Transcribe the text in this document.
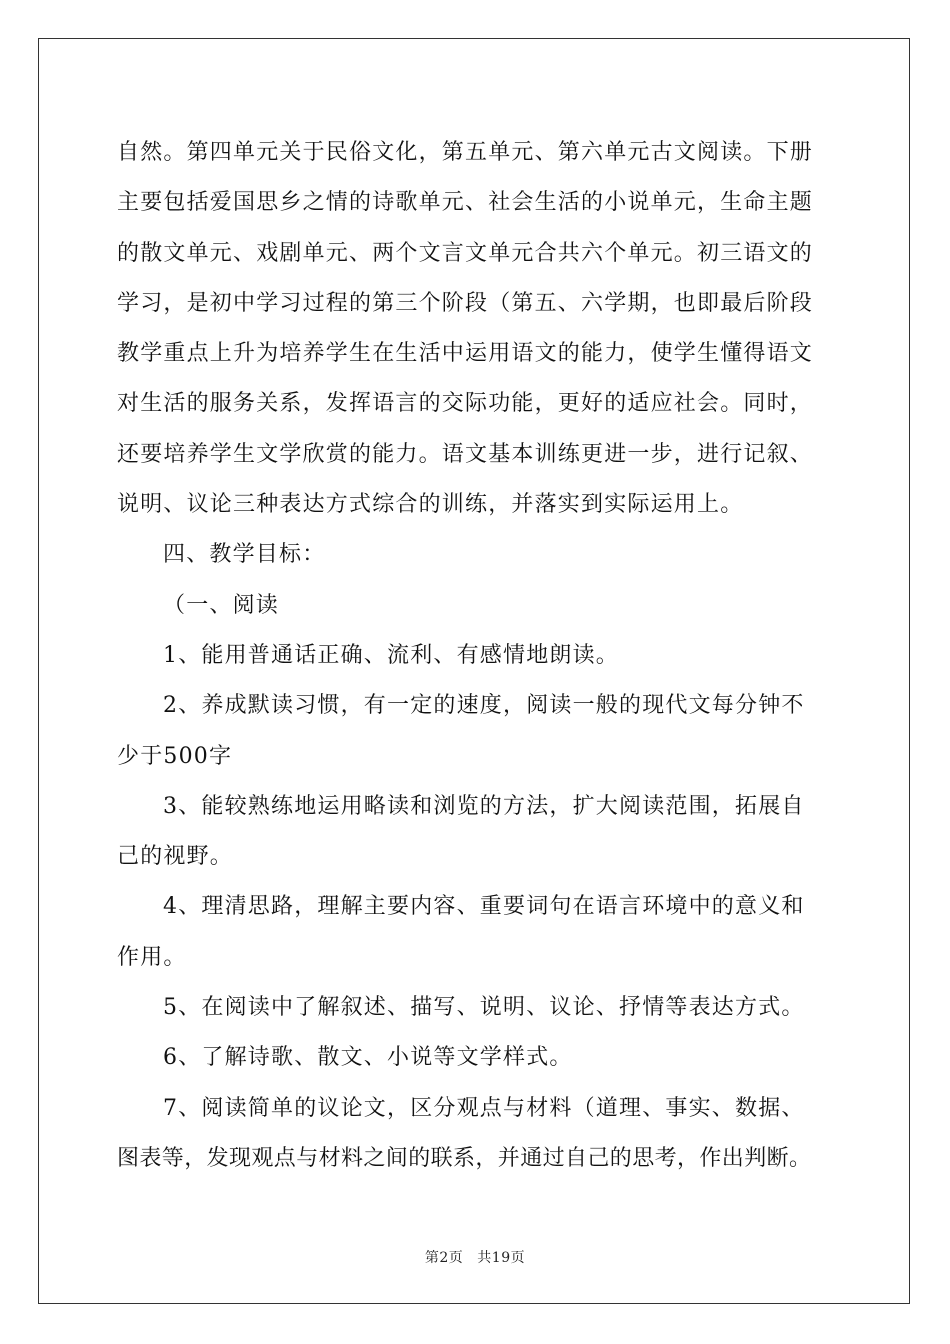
自然。第四单元关于民俗文化，第五单元、第六单元古文阅读。下册
主要包括爱国思乡之情的诗歌单元、社会生活的小说单元，生命主题
的散文单元、戏剧单元、两个文言文单元合共六个单元。初三语文的
学习，是初中学习过程的第三个阶段（第五、六学期，也即最后阶段
教学重点上升为培养学生在生活中运用语文的能力，使学生懂得语文
对生活的服务关系，发挥语言的交际功能，更好的适应社会。同时，
还要培养学生文学欣赏的能力。语文基本训练更进一步，进行记叙、
说明、议论三种表达方式综合的训练，并落实到实际运用上。
四、教学目标：
（一、阅读
1、能用普通话正确、流利、有感情地朗读。
2、养成默读习惯，有一定的速度，阅读一般的现代文每分钟不
少于500字
3、能较熟练地运用略读和浏览的方法，扩大阅读范围，拓展自
己的视野。
4、理清思路，理解主要内容、重要词句在语言环境中的意义和
作用。
5、在阅读中了解叙述、描写、说明、议论、抒情等表达方式。
6、了解诗歌、散文、小说等文学样式。
7、阅读简单的议论文，区分观点与材料（道理、事实、数据、
图表等，发现观点与材料之间的联系，并通过自己的思考，作出判断。
第2页 共19页
